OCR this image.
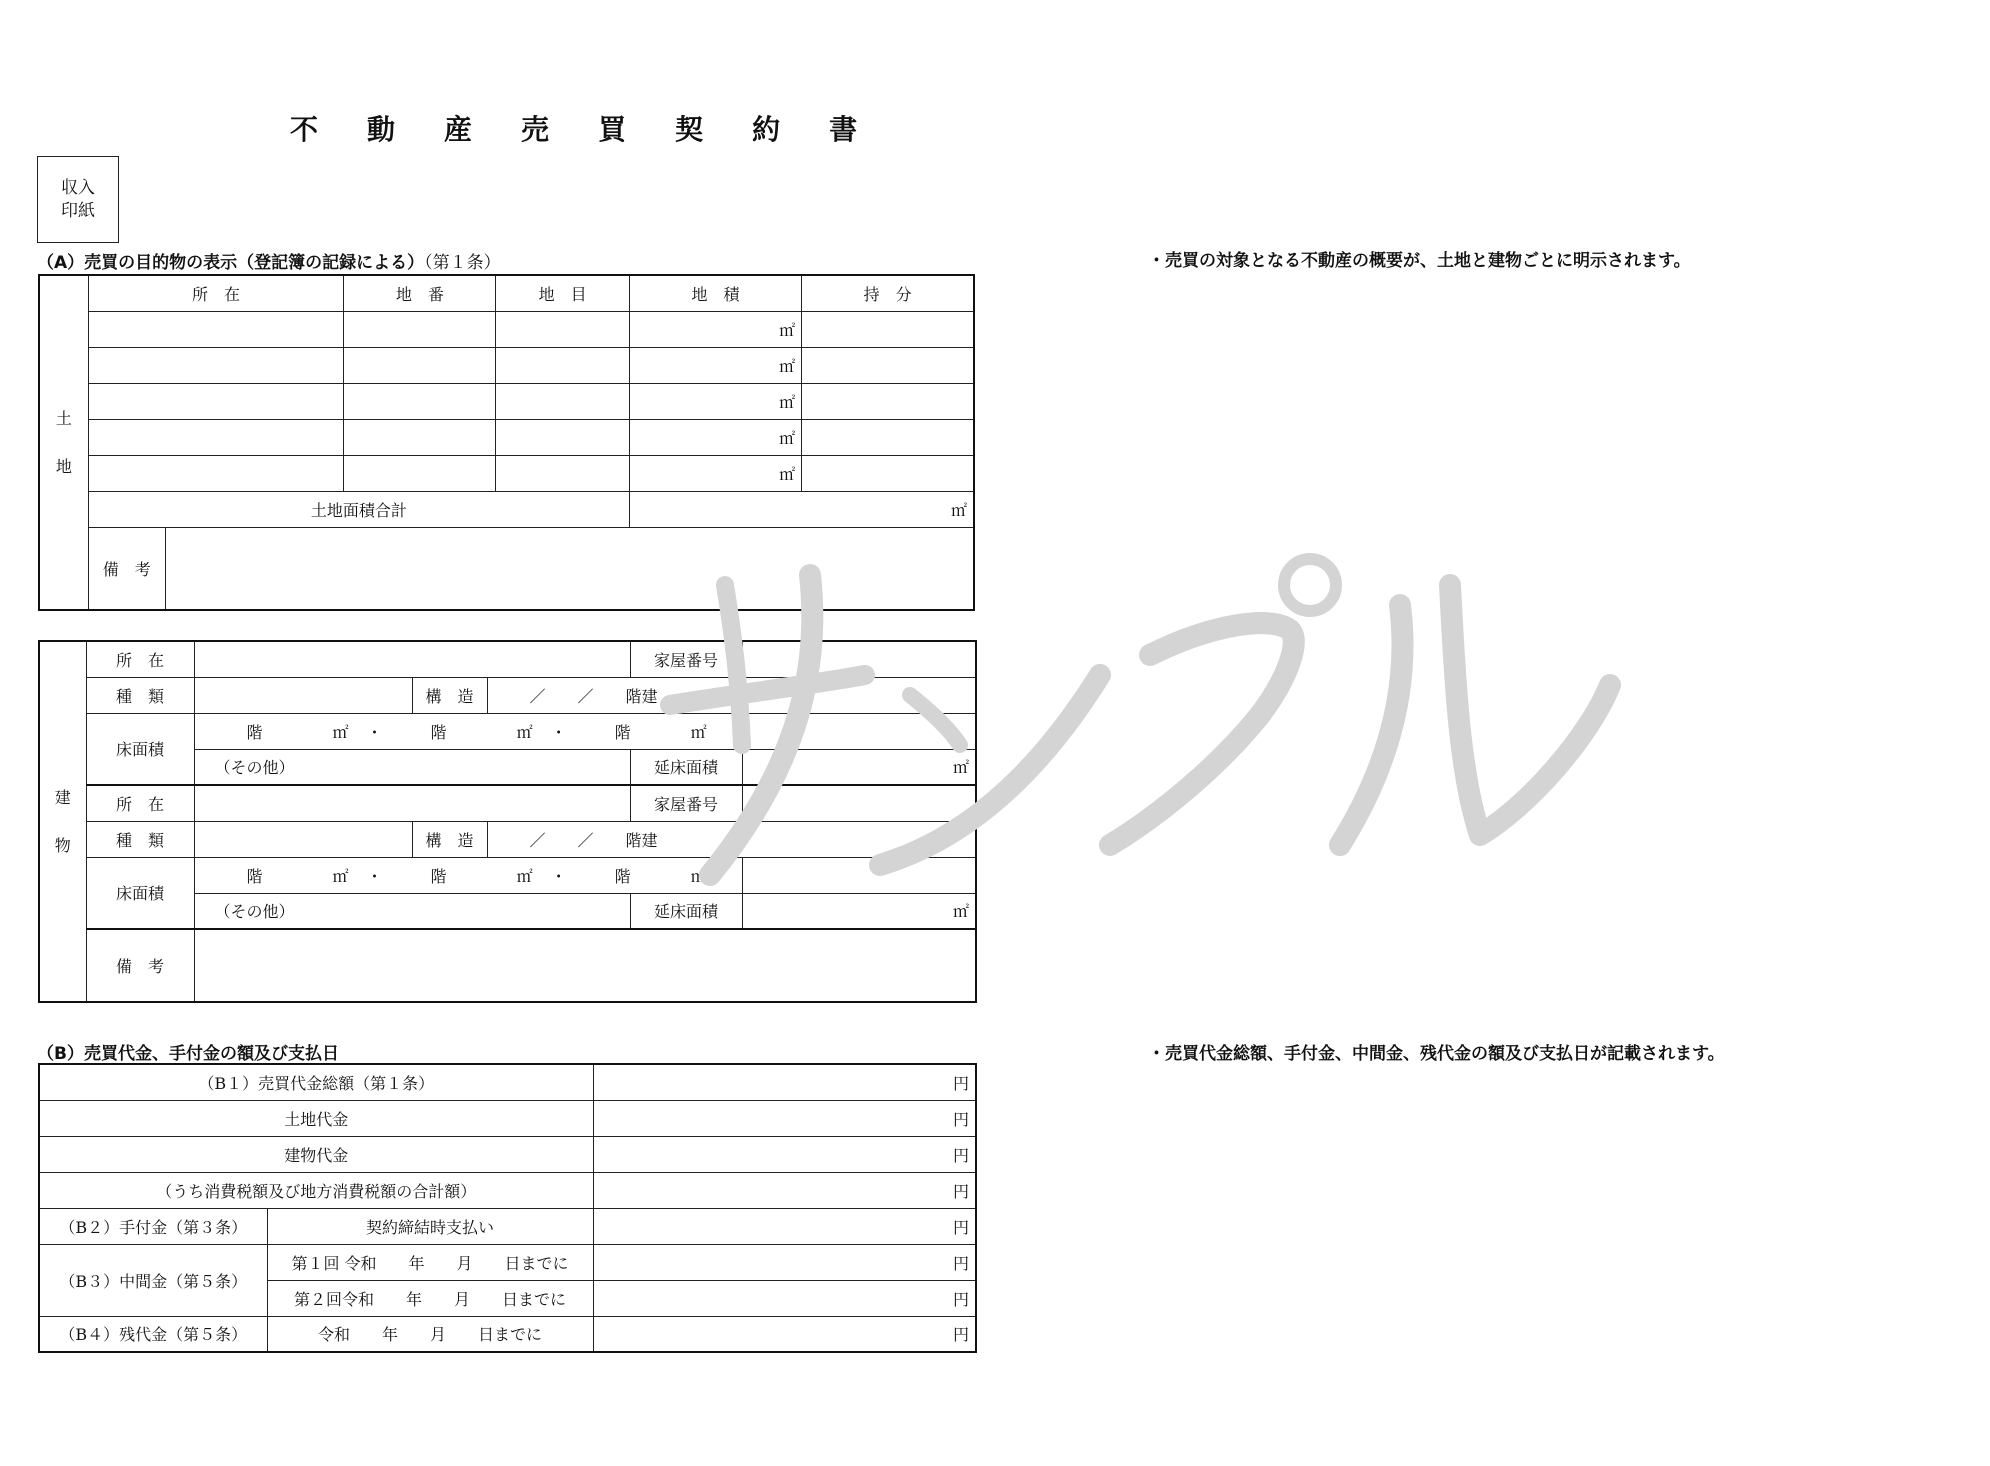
不 動 産 売 買 契 約 書
収入
印紙
（A）売買の目的物の表示（登記簿の記録による）（第１条）	・売買の対象となる不動産の概要が、土地と建物ごとに明示されます。
土
地	所　在		地　番	地　目	地　積	持　分
					㎡	
					㎡	
					㎡	
					㎡	
					㎡	
	土地面積合計				㎡	
	備　考					
建
物	所　在				家屋番号	
	種　類		構　造	／　　／　　階建		
	床面積	階 ㎡ ・ 階 ㎡ ・ 階 ㎡				
		（その他）			延床面積	㎡
	所　在				家屋番号	
	種　類		構　造	／　　／　　階建		
	床面積	階 ㎡ ・ 階 ㎡ ・ 階 ㎡				
		（その他）			延床面積	㎡
	備　考					
（B）売買代金、手付金の額及び支払日	・売買代金総額、手付金、中間金、残代金の額及び支払日が記載されます。
（B１）売買代金総額（第１条）		円
土地代金		円
建物代金		円
（うち消費税額及び地方消費税額の合計額）		円
（B２）手付金（第３条）	契約締結時支払い	円
（B３）中間金（第５条）	第１回 令和　　年　　月　　日までに	円
	第２回令和　　年　　月　　日までに	円
（B４）残代金（第５条）	令和　　年　　月　　日までに	円
